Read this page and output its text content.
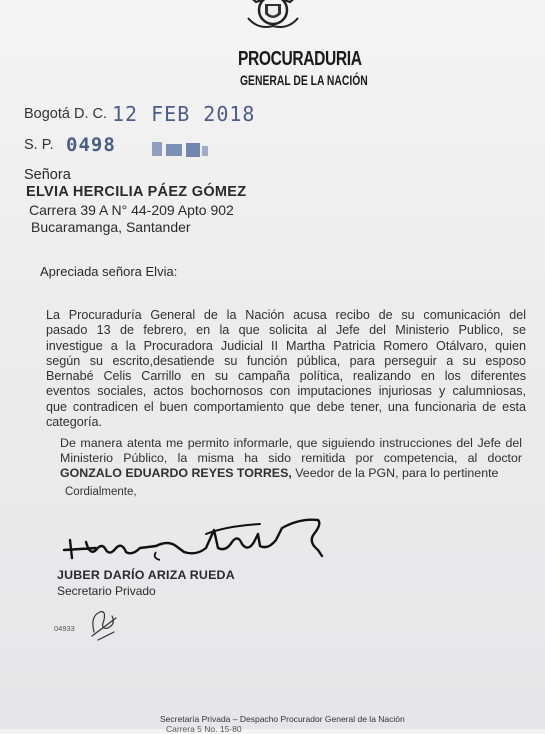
PROCURADURIA
GENERAL DE LA NACIÓN
Bogotá D. C. 12 FEB 2018
S. P. 0498
Señora
ELVIA HERCILIA PÁEZ GÓMEZ
Carrera 39 A N° 44-209 Apto 902
Bucaramanga, Santander
Apreciada señora Elvia:
La Procuraduría General de la Nación acusa recibo de su comunicación del
pasado 13 de febrero, en la que solicita al Jefe del Ministerio Publico, se
investigue a la Procuradora Judicial II Martha Patricia Romero Otálvaro, quien
según su escrito,desatiende su función pública, para perseguir a su esposo
Bernabé Celis Carrillo en su campaña política, realizando en los diferentes
eventos sociales, actos bochornosos con imputaciones injuriosas y calumniosas,
que contradicen el buen comportamiento que debe tener, una funcionaria de esta
categoría.
De manera atenta me permito informarle, que siguiendo instrucciones del Jefe del
Ministerio Público, la misma ha sido remitida por competencia, al doctor
GONZALO EDUARDO REYES TORRES, Veedor de la PGN, para lo pertinente
Cordialmente,
JUBER DARÍO ARIZA RUEDA
Secretario Privado
04933
Secretaría Privada – Despacho Procurador General de la Nación
Carrera 5 No. 15-80
